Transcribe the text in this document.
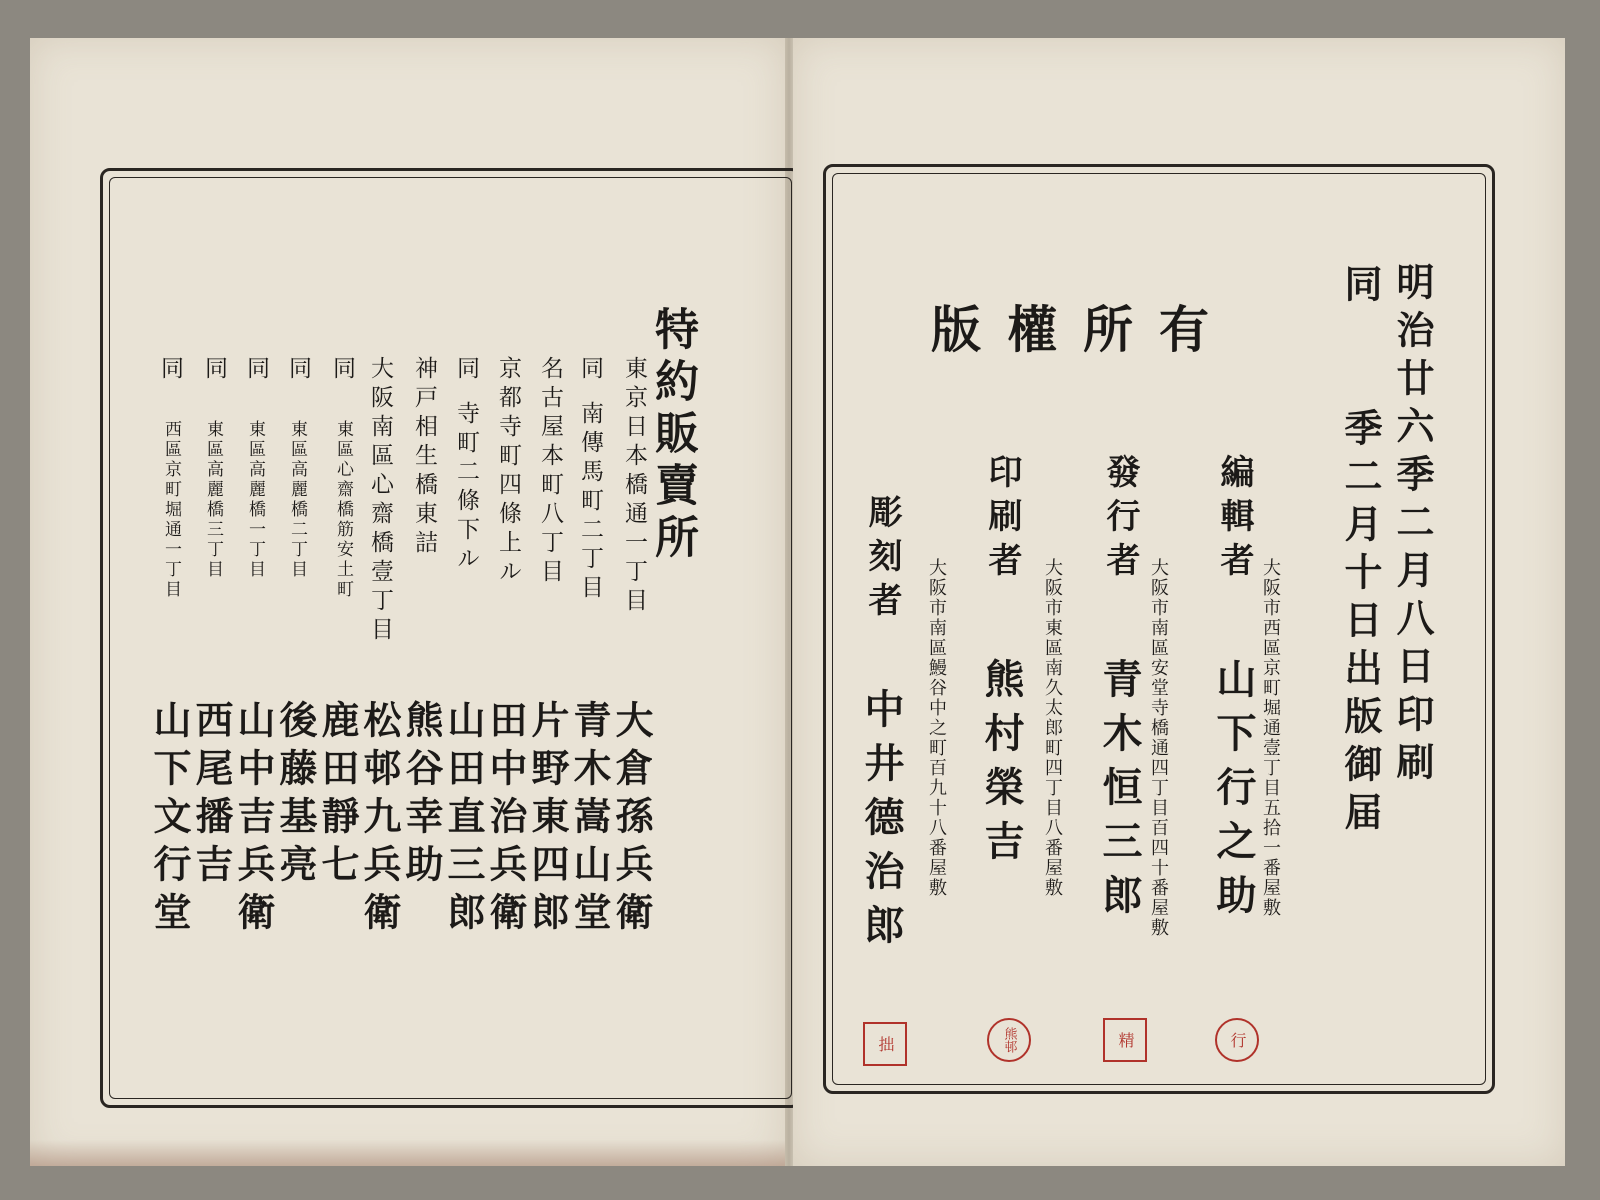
特約販賣所
東京日本橋通一丁目
同南傳馬町二丁目
名古屋本町八丁目
京都寺町四條上ル
同寺町二條下ル
神戸相生橋東詰
大阪南區心齋橋壹丁目
同
東區心齋橋筋安土町
同
東區高麗橋二丁目
同
東區高麗橋一丁目
同
東區高麗橋三丁目
同
西區京町堀通一丁目
大倉孫兵衛
青木嵩山堂
片野東四郎
田中治兵衛
山田直三郎
熊谷幸助
松邨九兵衛
鹿田靜七
後藤基亮
山中吉兵衛
西尾播吉
山下文行堂
明治廿六季二月八日印刷
同
季二月十日出版御届
版權所有
編輯者
大阪市西區京町堀通壹丁目五拾一番屋敷
山下行之助
行
發行者
大阪市南區安堂寺橋通四丁目百四十番屋敷
青木恒三郎
精
印刷者
大阪市東區南久太郎町四丁目八番屋敷
熊村榮吉
熊邨
彫刻者 大阪市南區鰻谷中之町百九十八番屋敷
中井德治郎
拙
